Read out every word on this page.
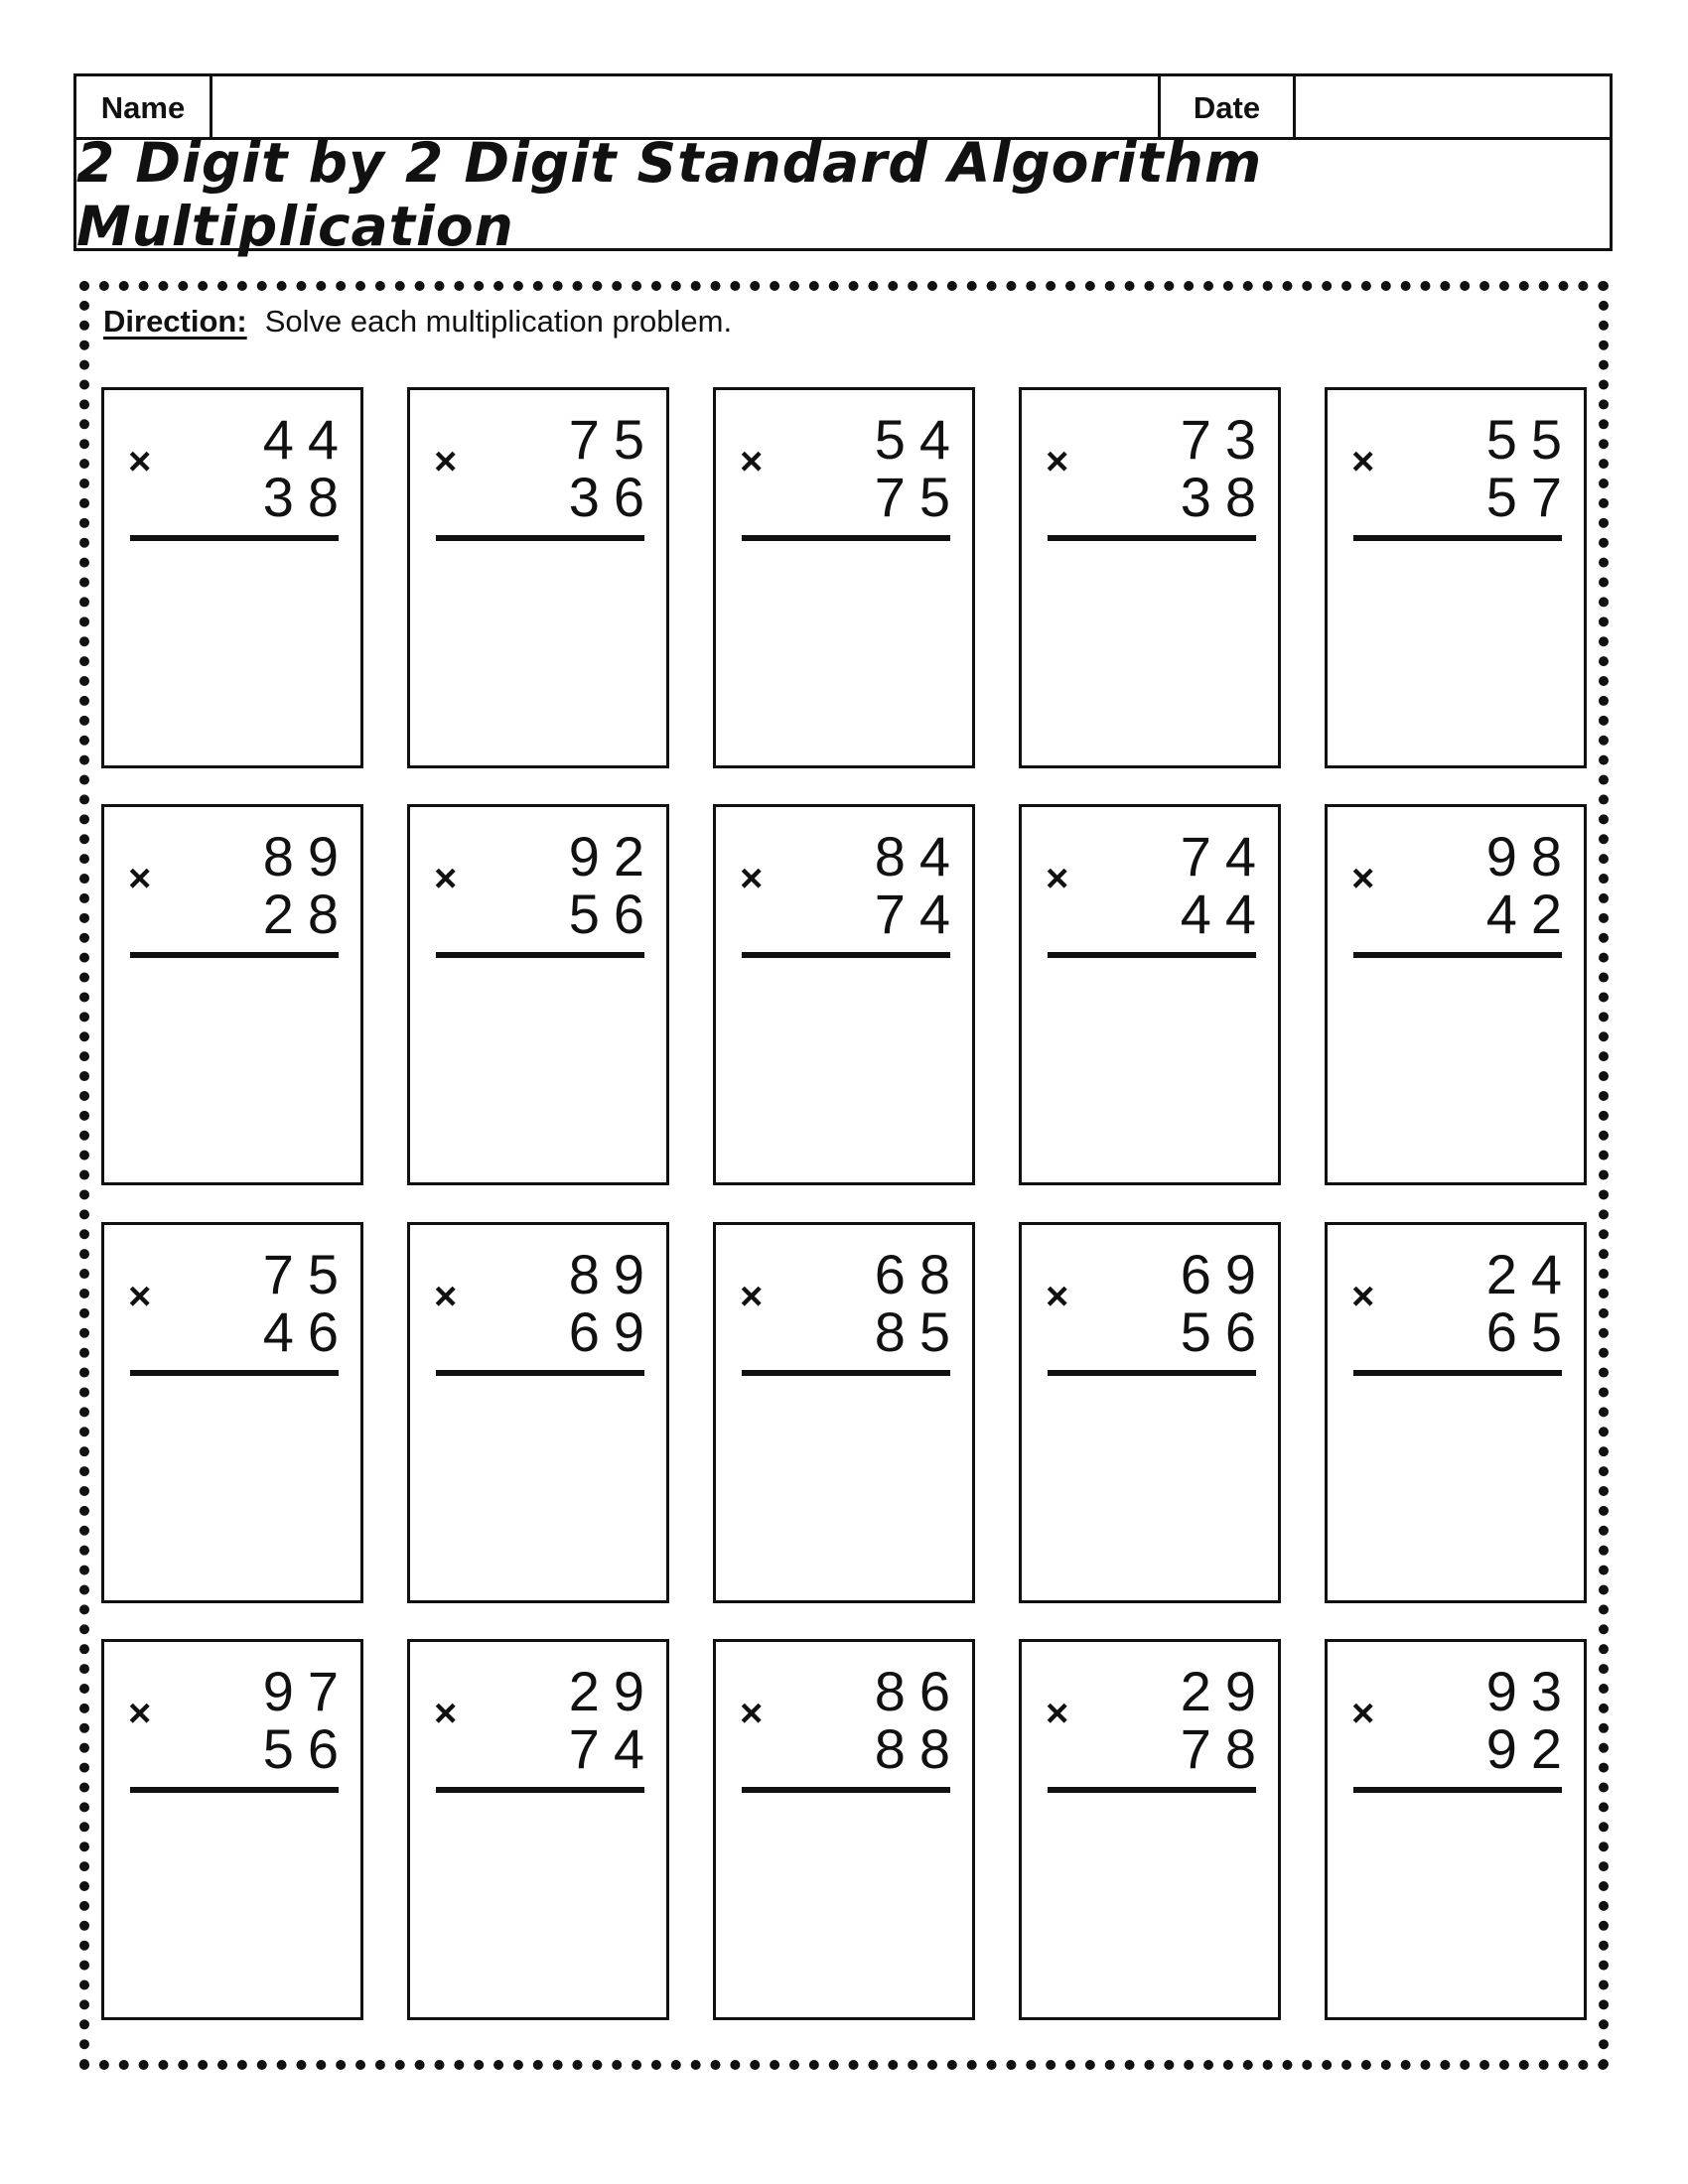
Name	Date
2 Digit by 2 Digit Standard Algorithm Multiplication
Direction: Solve each multiplication problem.
× 44
38
× 75
36
× 54
75
× 73
38
× 55
57
× 89
28
× 92
56
× 84
74
× 74
44
× 98
42
× 75
46
× 89
69
× 68
85
× 69
56
× 24
65
× 97
56
× 29
74
× 86
88
× 29
78
× 93
92
